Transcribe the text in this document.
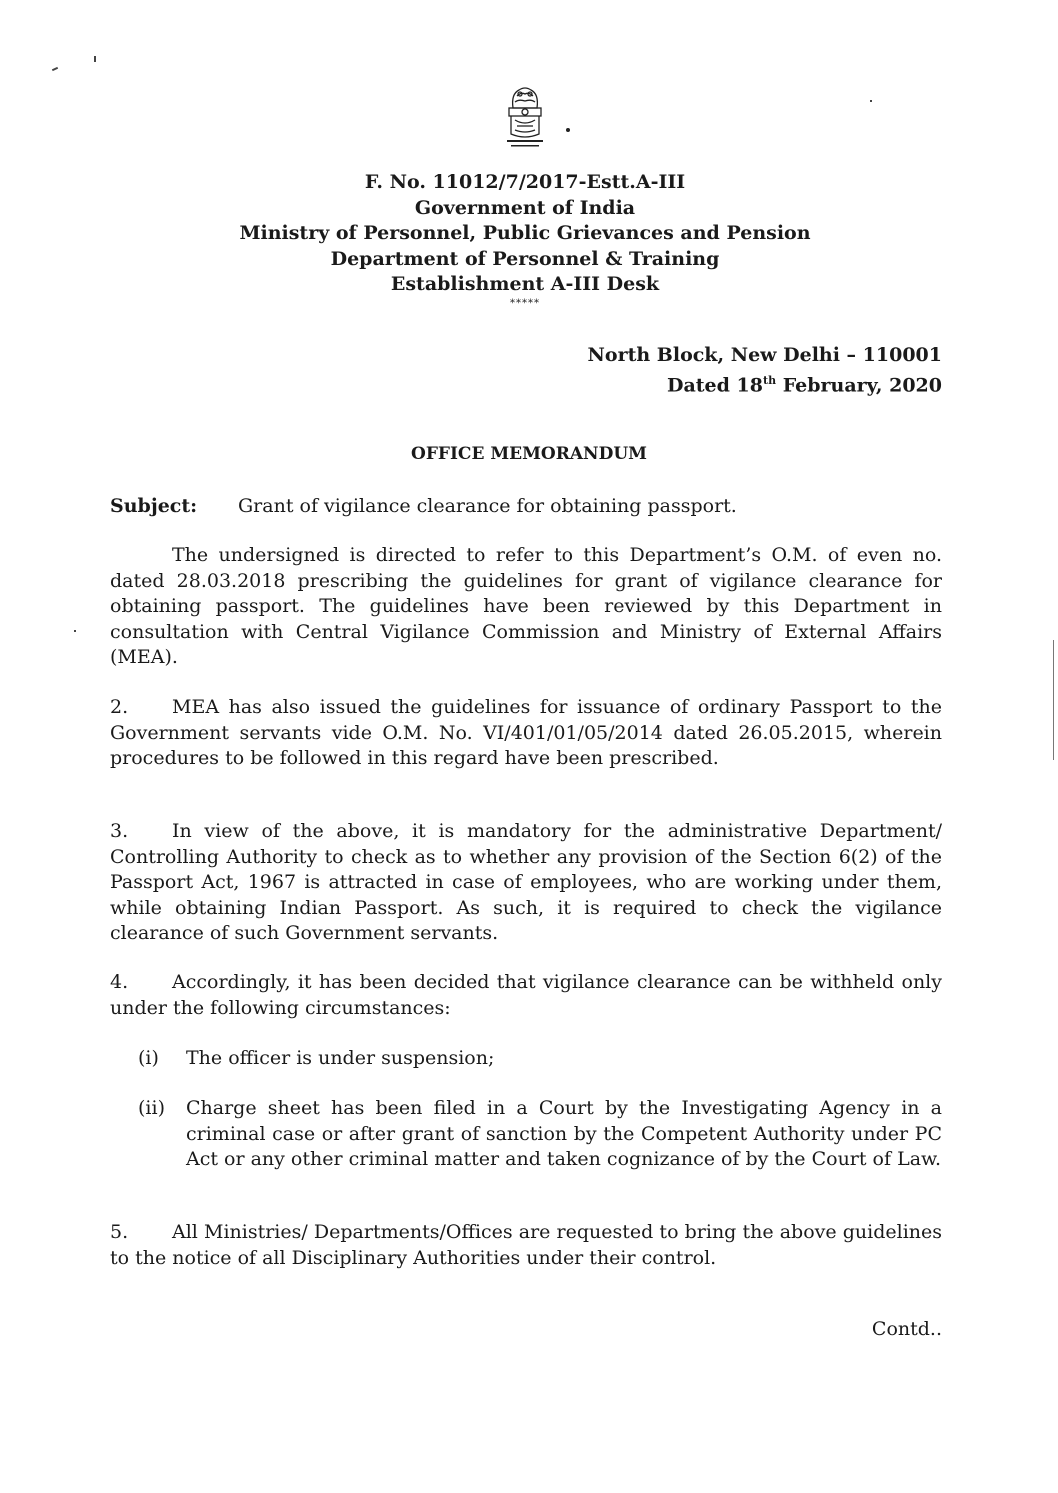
F. No. 11012/7/2017-Estt.A-III
Government of India
Ministry of Personnel, Public Grievances and Pension
Department of Personnel & Training
Establishment A-III Desk
*****
North Block, New Delhi – 110001
Dated 18th February, 2020
OFFICE MEMORANDUM
Subject: Grant of vigilance clearance for obtaining passport.
The undersigned is directed to refer to this Department’s O.M. of even no. dated 28.03.2018 prescribing the guidelines for grant of vigilance clearance for obtaining passport. The guidelines have been reviewed by this Department in consultation with Central Vigilance Commission and Ministry of External Affairs (MEA).
2. MEA has also issued the guidelines for issuance of ordinary Passport to the Government servants vide O.M. No. VI/401/01/05/2014 dated 26.05.2015, wherein procedures to be followed in this regard have been prescribed.
3. In view of the above, it is mandatory for the administrative Department/ Controlling Authority to check as to whether any provision of the Section 6(2) of the Passport Act, 1967 is attracted in case of employees, who are working under them, while obtaining Indian Passport. As such, it is required to check the vigilance clearance of such Government servants.
4. Accordingly, it has been decided that vigilance clearance can be withheld only under the following circumstances:
(i) The officer is under suspension;
(ii) Charge sheet has been filed in a Court by the Investigating Agency in a criminal case or after grant of sanction by the Competent Authority under PC Act or any other criminal matter and taken cognizance of by the Court of Law.
5. All Ministries/ Departments/Offices are requested to bring the above guidelines to the notice of all Disciplinary Authorities under their control.
Contd..
